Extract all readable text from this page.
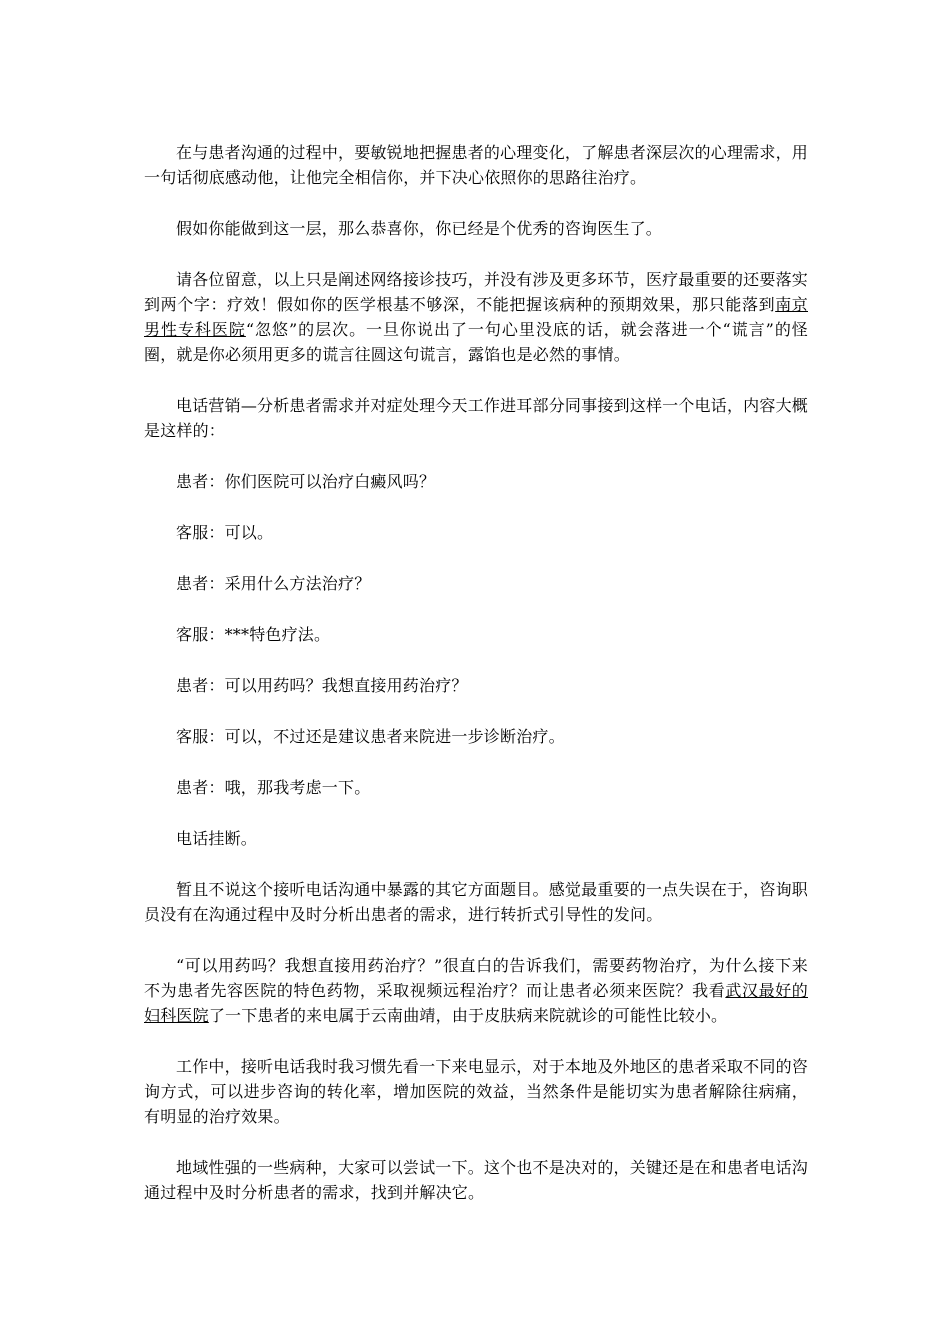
在与患者沟通的过程中，要敏锐地把握患者的心理变化，了解患者深层次的心理需求，用一句话彻底感动他，让他完全相信你，并下决心依照你的思路往治疗。

假如你能做到这一层，那么恭喜你，你已经是个优秀的咨询医生了。

请各位留意，以上只是阐述网络接诊技巧，并没有涉及更多环节，医疗最重要的还要落实到两个字：疗效！假如你的医学根基不够深，不能把握该病种的预期效果，那只能落到南京男性专科医院“忽悠”的层次。一旦你说出了一句心里没底的话，就会落进一个“谎言”的怪圈，就是你必须用更多的谎言往圆这句谎言，露馅也是必然的事情。

电话营销—分析患者需求并对症处理今天工作进耳部分同事接到这样一个电话，内容大概是这样的：

患者：你们医院可以治疗白癜风吗？

客服：可以。

患者：采用什么方法治疗？

客服：***特色疗法。

患者：可以用药吗？我想直接用药治疗？

客服：可以，不过还是建议患者来院进一步诊断治疗。

患者：哦，那我考虑一下。

电话挂断。

暂且不说这个接听电话沟通中暴露的其它方面题目。感觉最重要的一点失误在于，咨询职员没有在沟通过程中及时分析出患者的需求，进行转折式引导性的发问。

“可以用药吗？我想直接用药治疗？”很直白的告诉我们，需要药物治疗，为什么接下来不为患者先容医院的特色药物，采取视频远程治疗？而让患者必须来医院？我看武汉最好的妇科医院了一下患者的来电属于云南曲靖，由于皮肤病来院就诊的可能性比较小。

工作中，接听电话我时我习惯先看一下来电显示，对于本地及外地区的患者采取不同的咨询方式，可以进步咨询的转化率，增加医院的效益，当然条件是能切实为患者解除往病痛，有明显的治疗效果。

地域性强的一些病种，大家可以尝试一下。这个也不是决对的，关键还是在和患者电话沟通过程中及时分析患者的需求，找到并解决它。
